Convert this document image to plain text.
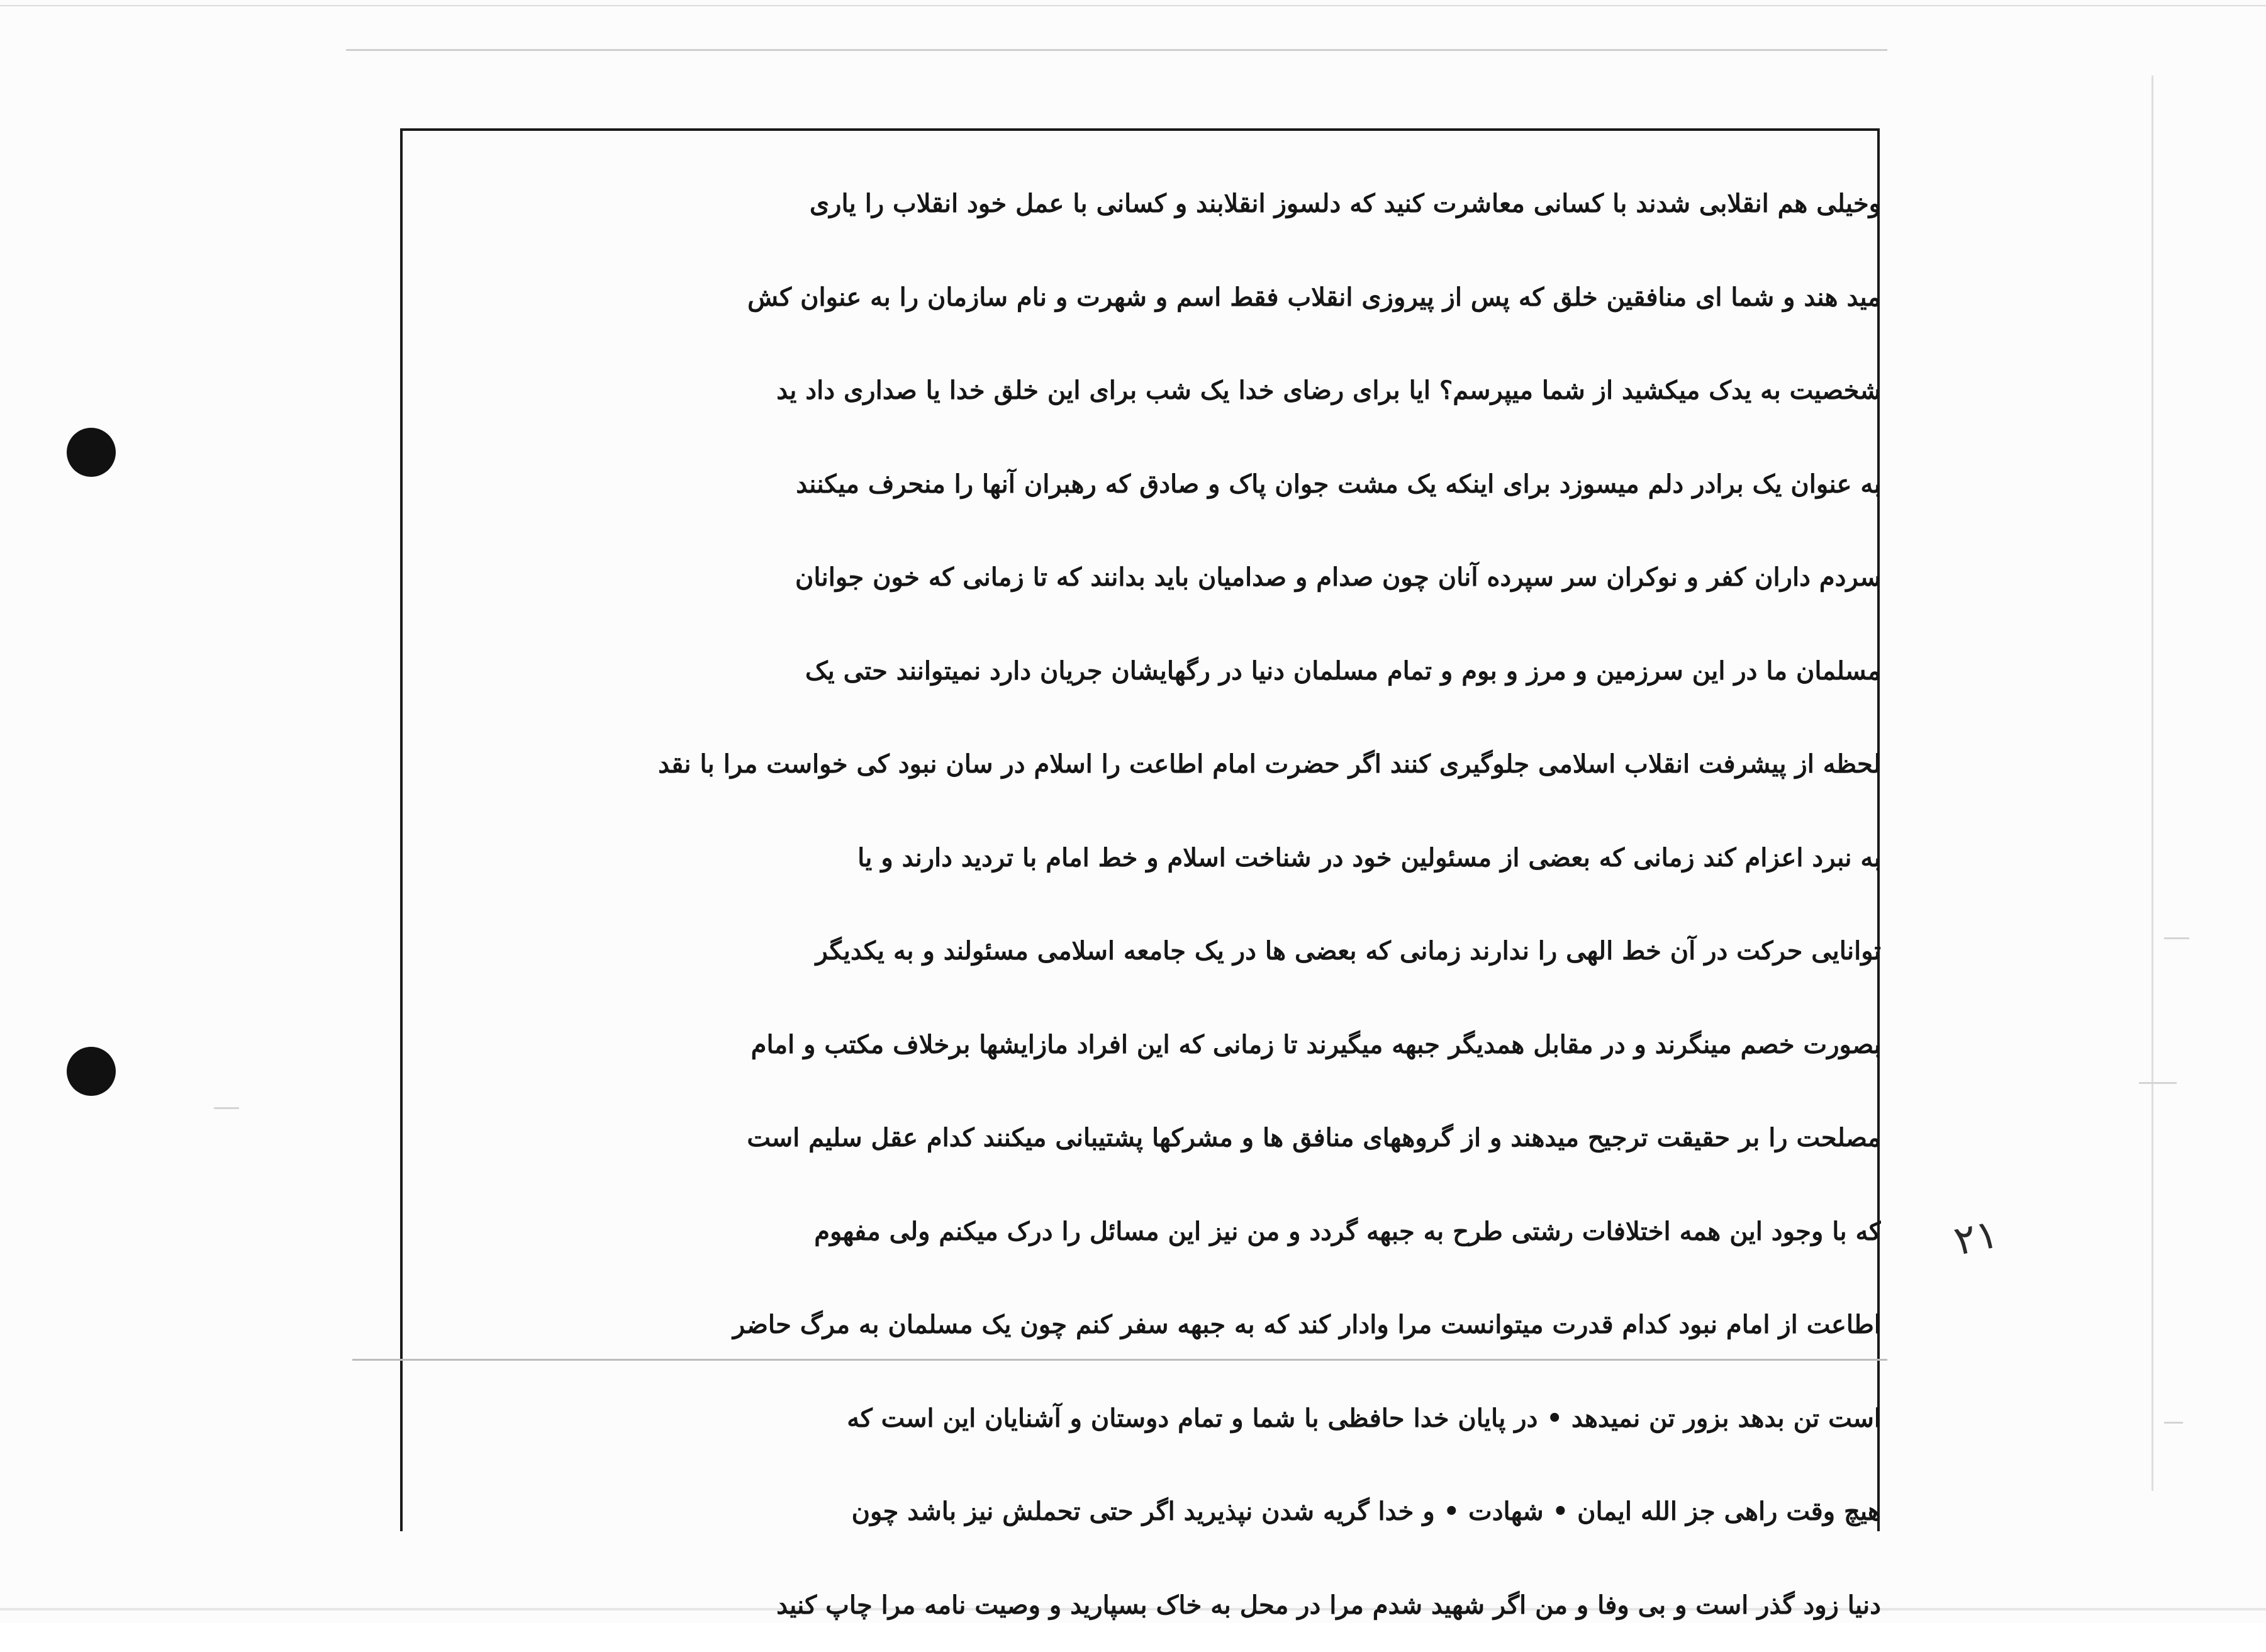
وخیلی هم انقلابی شدند با کسانی معاشرت کنید که دلسوز انقلابند و کسانی با عمل خود انقلاب را یاری
مید هند و شما ای منافقین خلق که پس از پیروزی انقلاب فقط اسم و شهرت و نام سازمان را به عنوان کش
شخصیت به یدک میکشید از شما میپرسم؟ ایا برای رضای خدا یک شب برای این خلق خدا یا صداری داد ید
به عنوان یک برادر دلم میسوزد برای اینکه یک مشت جوان پاک و صادق که رهبران آنها را منحرف میکنند
سردم داران کفر و نوکران سر سپرده آنان چون صدام و صدامیان باید بدانند که تا زمانی که خون جوانان
مسلمان ما در این سرزمین و مرز و بوم و تمام مسلمان دنیا در رگهایشان جریان دارد نمیتوانند حتی یک
لحظه از پیشرفت انقلاب اسلامی جلوگیری کنند اگر حضرت امام اطاعت را اسلام در سان نبود کی خواست مرا با نقد
به نبرد اعزام کند زمانی که بعضی از مسئولین خود در شناخت اسلام و خط امام با تردید دارند و یا
توانایی حرکت در آن خط الهی را ندارند زمانی که بعضی ها در یک جامعه اسلامی مسئولند و به یکدیگر
بصورت خصم مینگرند و در مقابل همدیگر جبهه میگیرند تا زمانی که این افراد مازایشها برخلاف مکتب و امام
مصلحت را بر حقیقت ترجیح میدهند و از گروههای منافق ها و مشرکها پشتیبانی میکنند کدام عقل سلیم است
که با وجود این همه اختلافات رشتی طرح به جبهه گردد و من نیز این مسائل را درک میکنم ولی مفهوم
اطاعت از امام نبود کدام قدرت میتوانست مرا وادار کند که به جبهه سفر کنم چون یک مسلمان به مرگ حاضر
است تن بدهد بزور تن نمیدهد • در پایان خدا حافظی با شما و تمام دوستان و آشنایان این است که
هیچ وقت راهی جز الله ایمان • شهادت • و خدا گریه شدن نپذیرید اگر حتی تحملش نیز باشد چون
دنیا زود گذر است و بی وفا و من اگر شهید شدم مرا در محل به خاک بسپارید و وصیت نامه مرا چاپ کنید
۲۱
